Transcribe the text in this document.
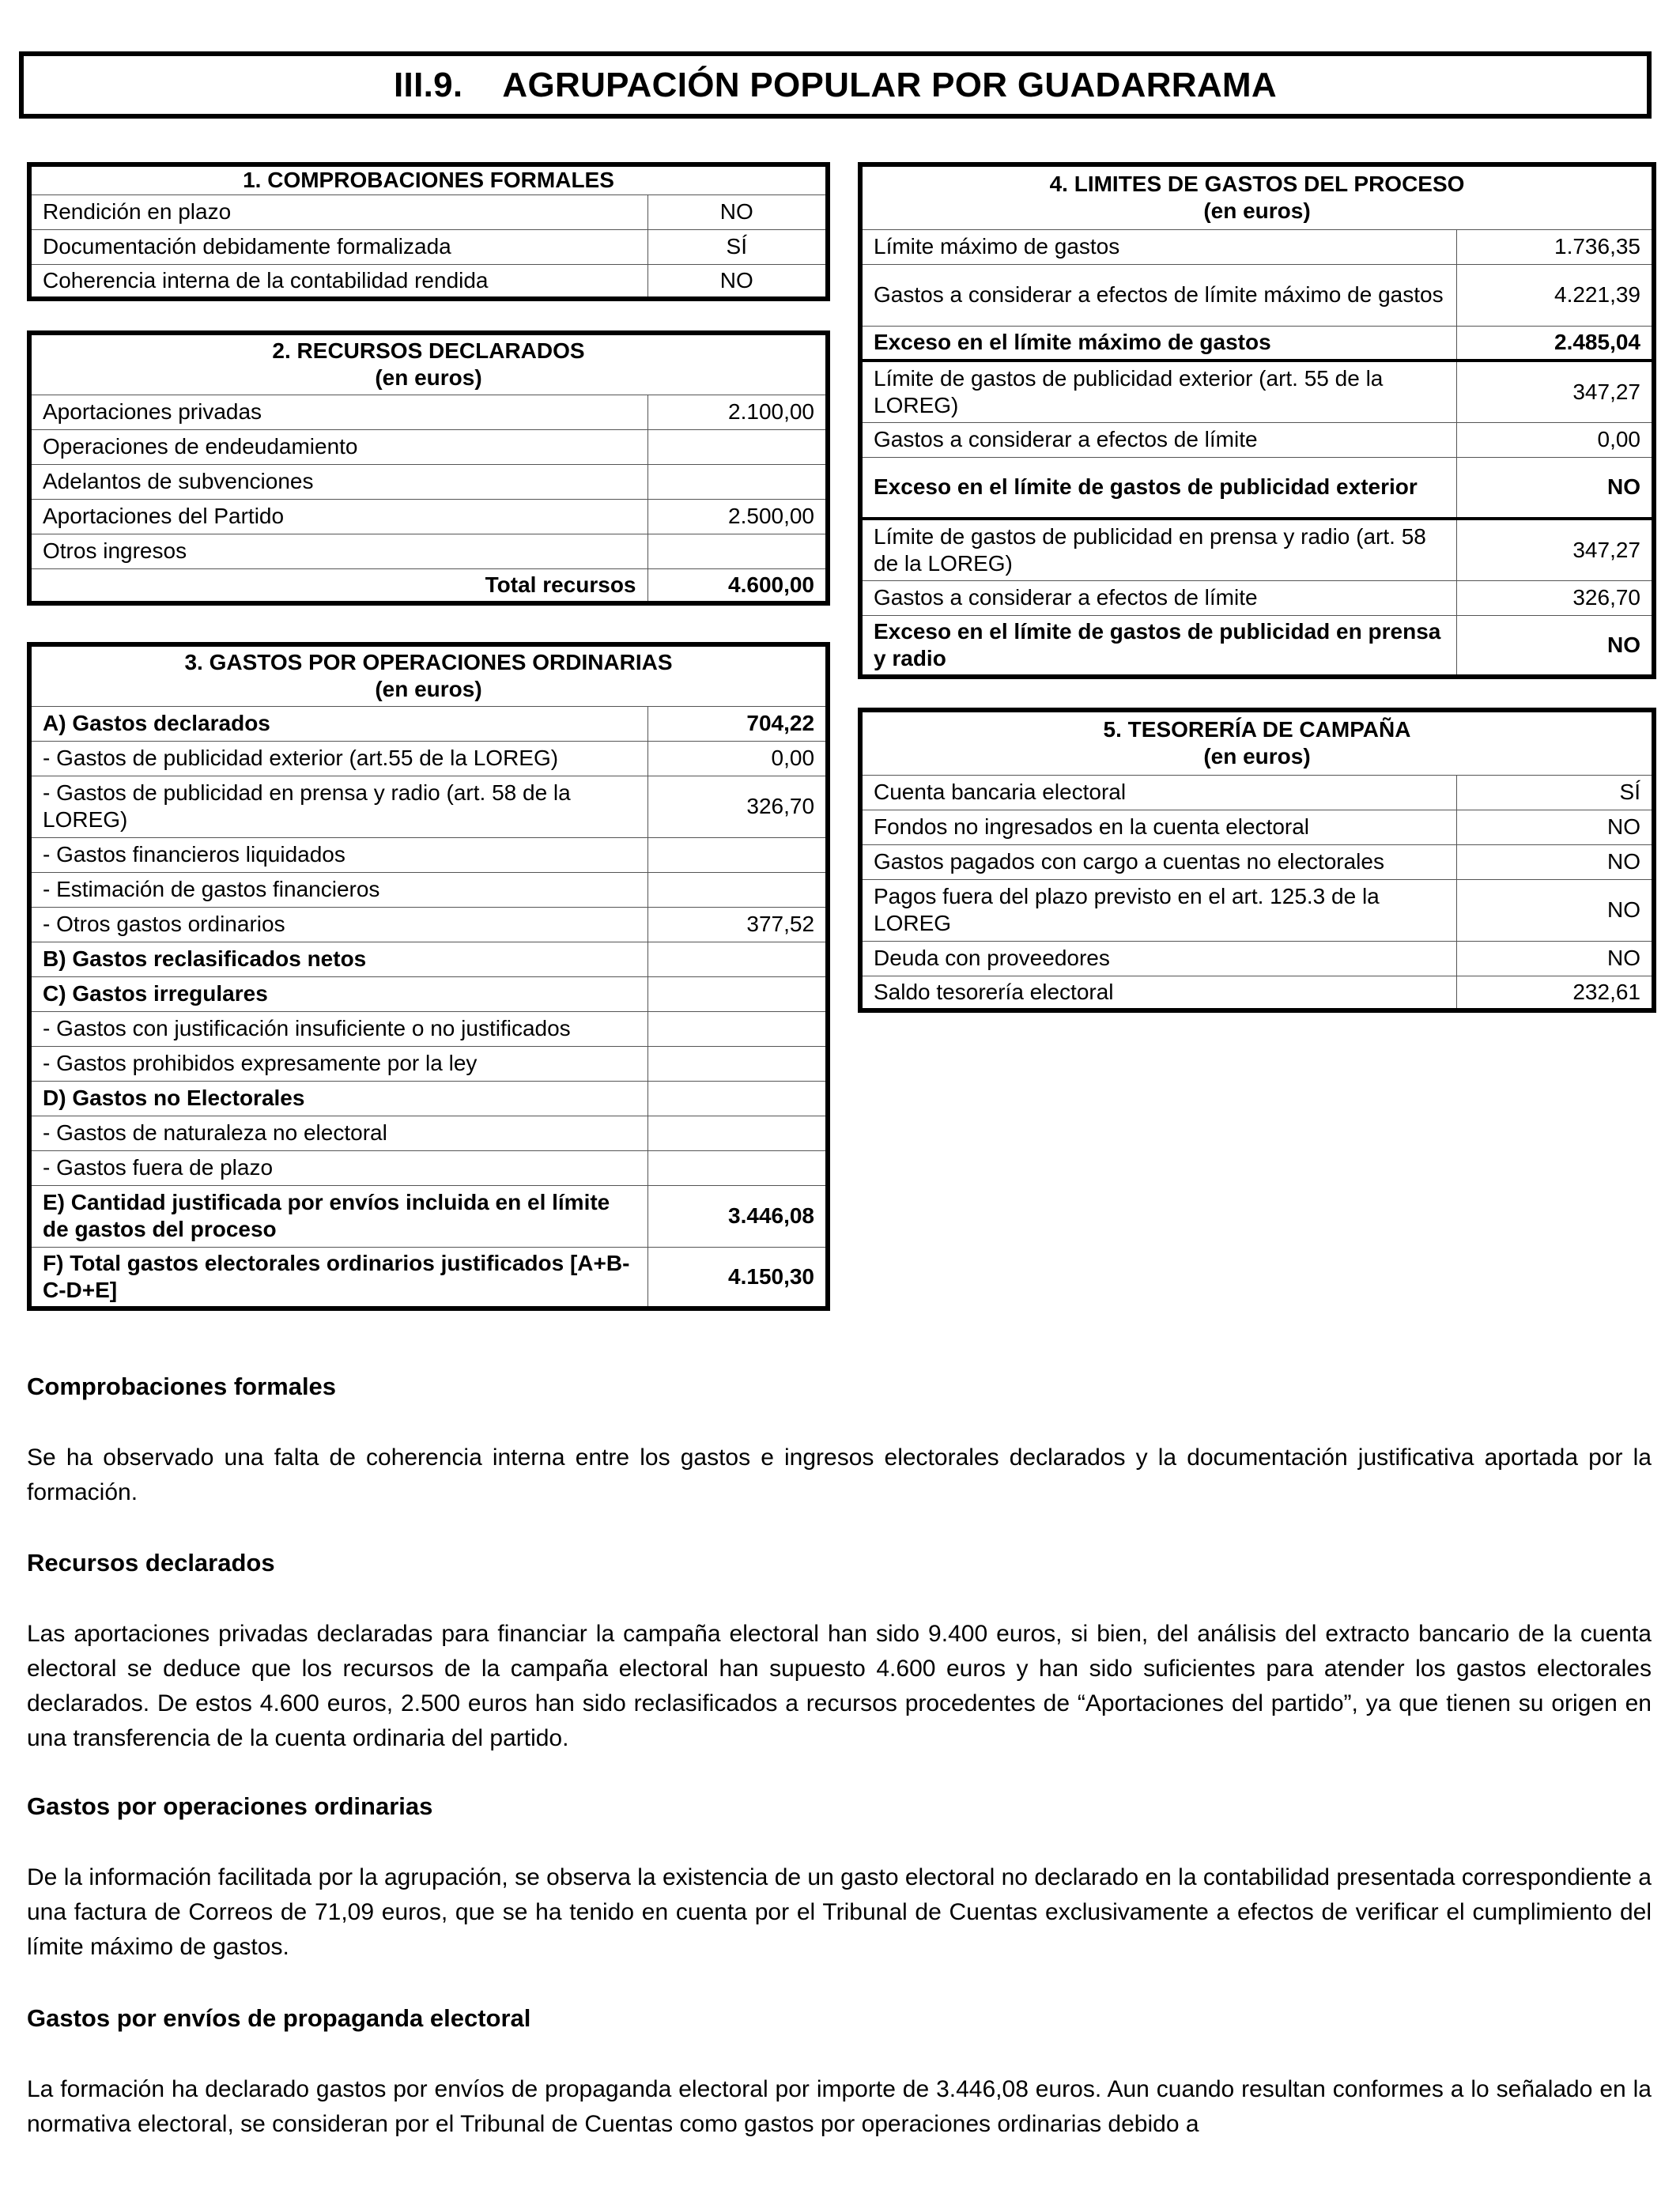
III.9. AGRUPACIÓN POPULAR POR GUADARRAMA
1. COMPROBACIONES FORMALES	
Rendición en plazo	NO
Documentación debidamente formalizada	SÍ
Coherencia interna de la contabilidad rendida	NO
2. RECURSOS DECLARADOS
(en euros)	

Aportaciones privadas	2.100,00
Operaciones de endeudamiento	
Adelantos de subvenciones	
Aportaciones del Partido	2.500,00
Otros ingresos	
Total recursos	4.600,00
3. GASTOS POR OPERACIONES ORDINARIAS
(en euros)	

A) Gastos declarados	704,22
- Gastos de publicidad exterior (art.55 de la LOREG)	0,00
- Gastos de publicidad en prensa y radio (art. 58 de la LOREG)	326,70
- Gastos financieros liquidados	
- Estimación de gastos financieros	
- Otros gastos ordinarios	377,52
B) Gastos reclasificados netos	
C) Gastos irregulares	
- Gastos con justificación insuficiente o no justificados	
- Gastos prohibidos expresamente por la ley	
D) Gastos no Electorales	
- Gastos de naturaleza no electoral	
- Gastos fuera de plazo	
E) Cantidad justificada por envíos incluida en el límite de gastos del proceso	3.446,08
F) Total gastos electorales ordinarios justificados [A+B-C-D+E]	4.150,30
4. LIMITES DE GASTOS DEL PROCESO
(en euros)	

Límite máximo de gastos	1.736,35
Gastos a considerar a efectos de límite máximo de gastos	4.221,39
Exceso en el límite máximo de gastos	2.485,04
Límite de gastos de publicidad exterior (art. 55 de la LOREG)	347,27
Gastos a considerar a efectos de límite	0,00
Exceso en el límite de gastos de publicidad exterior	NO
Límite de gastos de publicidad en prensa y radio (art. 58 de la LOREG)	347,27
Gastos a considerar a efectos de límite	326,70
Exceso en el límite de gastos de publicidad en prensa y radio	NO
5. TESORERÍA DE CAMPAÑA
(en euros)	

Cuenta bancaria electoral	SÍ
Fondos no ingresados en la cuenta electoral	NO
Gastos pagados con cargo a cuentas no electorales	NO
Pagos fuera del plazo previsto en el art. 125.3 de la LOREG	NO
Deuda con proveedores	NO
Saldo tesorería electoral	232,61
Comprobaciones formales

Se ha observado una falta de coherencia interna entre los gastos e ingresos electorales declarados y la documentación justificativa aportada por la formación.

Recursos declarados

Las aportaciones privadas declaradas para financiar la campaña electoral han sido 9.400 euros, si bien, del análisis del extracto bancario de la cuenta electoral se deduce que los recursos de la campaña electoral han supuesto 4.600 euros y han sido suficientes para atender los gastos electorales declarados. De estos 4.600 euros, 2.500 euros han sido reclasificados a recursos procedentes de “Aportaciones del partido”, ya que tienen su origen en una transferencia de la cuenta ordinaria del partido.

Gastos por operaciones ordinarias

De la información facilitada por la agrupación, se observa la existencia de un gasto electoral no declarado en la contabilidad presentada correspondiente a una factura de Correos de 71,09 euros, que se ha tenido en cuenta por el Tribunal de Cuentas exclusivamente a efectos de verificar el cumplimiento del límite máximo de gastos.

Gastos por envíos de propaganda electoral

La formación ha declarado gastos por envíos de propaganda electoral por importe de 3.446,08 euros. Aun cuando resultan conformes a lo señalado en la normativa electoral, se consideran por el Tribunal de Cuentas como gastos por operaciones ordinarias debido a
